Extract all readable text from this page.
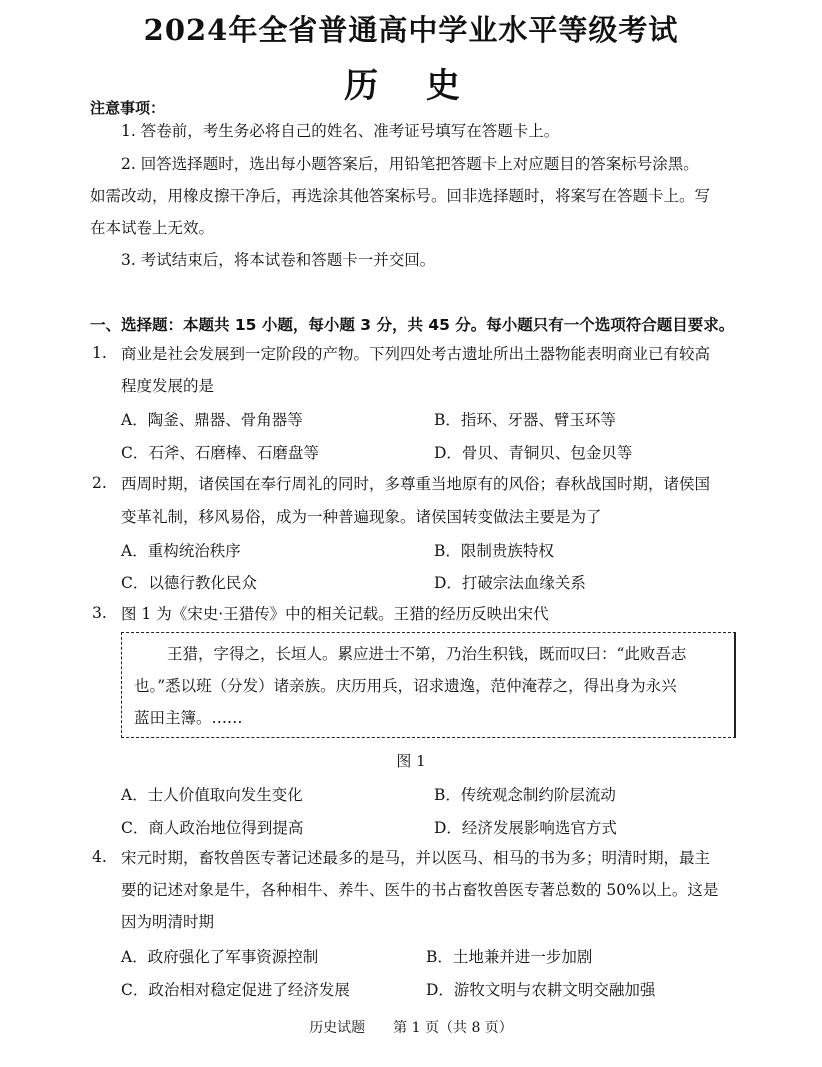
2024年全省普通高中学业水平等级考试
历 史
注意事项：
1. 答卷前，考生务必将自己的姓名、准考证号填写在答题卡上。
2. 回答选择题时，选出每小题答案后，用铅笔把答题卡上对应题目的答案标号涂黑。
如需改动，用橡皮擦干净后，再选涂其他答案标号。回非选择题时，将案写在答题卡上。写
在本试卷上无效。
3. 考试结束后，将本试卷和答题卡一并交回。
一、选择题：本题共 15 小题，每小题 3 分，共 45 分。每小题只有一个选项符合题目要求。
1. 商业是社会发展到一定阶段的产物。下列四处考古遗址所出土器物能表明商业已有较高
程度发展的是
A．陶釜、鼎器、骨角器等	B．指环、牙器、臂玉环等
C．石斧、石磨棒、石磨盘等	D．骨贝、青铜贝、包金贝等
2. 西周时期，诸侯国在奉行周礼的同时，多尊重当地原有的风俗；春秋战国时期，诸侯国
变革礼制，移风易俗，成为一种普遍现象。诸侯国转变做法主要是为了
A．重构统治秩序	B．限制贵族特权
C．以德行教化民众	D．打破宗法血缘关系
3. 图 1 为《宋史·王猎传》中的相关记载。王猎的经历反映出宋代
王猎，字得之，长垣人。累应进士不第，乃治生积钱，既而叹曰：“此败吾志
也。”悉以班（分发）诸亲族。庆历用兵，诏求遗逸，范仲淹荐之，得出身为永兴
蓝田主簿。……
图 1
A．士人价值取向发生变化	B．传统观念制约阶层流动
C．商人政治地位得到提高	D．经济发展影响选官方式
4. 宋元时期，畜牧兽医专著记述最多的是马，并以医马、相马的书为多；明清时期，最主
要的记述对象是牛，各种相牛、养牛、医牛的书占畜牧兽医专著总数的 50%以上。这是
因为明清时期
A．政府强化了军事资源控制	B．土地兼并进一步加剧
C．政治相对稳定促进了经济发展	D．游牧文明与农耕文明交融加强
历史试题　　第 1 页（共 8 页）
